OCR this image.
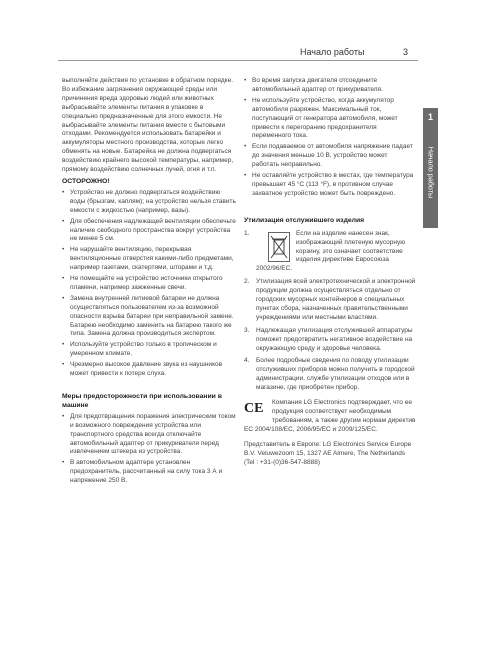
Начало работы	3
1
Начало работы

выполняйте действия по установке в обратном порядке. Во избежание загрязнения окружающей среды или причинения вреда здоровью людей или животных выбрасывайте элементы питания в упаковке в специально предназначенные для этого емкости. Не выбрасывайте элементы питания вместе с бытовыми отходами. Рекомендуется использовать батарейки и аккумуляторы местного производства, которые легко обменять на новые. Батарейка не должна подвергаться воздействию крайнего высокой температуры, например, прямому воздействию солнечных лучей, огня и т.п.

ОСТОРОЖНО!

• Устройство не должно подвергаться воздействию воды (брызгам, каплям); на устройство нельзя ставить емкости с жидкостью (например, вазы).
• Для обеспечения надлежащей вентиляции обеспечьте наличие свободного пространства вокруг устройства не менее 5 см.
• Не нарушайте вентиляцию, перекрывая вентиляционные отверстия какими-либо предметами, например газетами, скатертями, шторами и т.д.
• Не помещайте на устройство источники открытого пламени, например зажженные свечи.
• Замена внутренней литиевой батареи не должна осуществляться пользователем из-за возможной опасности взрыва батареи при неправильной замене. Батарею необходимо заменить на батарею такого же типа. Замена должна производиться экспертом.
• Используйте устройство только в тропическом и умеренном климате.
• Чрезмерно высокое давление звука из наушников может привести к потере слуха.

Меры предосторожности при использовании в машине

• Для предотвращения поражения электрическим током и возможного повреждения устройства или транспортного средства всегда отключайте автомобильный адаптер от прикуривателя перед извлечением штекера из устройства.
• В автомобильном адаптере установлен предохранитель, рассчитанный на силу тока 3 А и напряжение 250 В.
• Во время запуска двигателя отсоедините автомобильный адаптер от прикуривателя.
• Не используйте устройство, когда аккумулятор автомобиля разряжен. Максимальный ток, поступающий от генератора автомобиля, может привести к перегоранию предохранителя переменного тока.
• Если подаваемое от автомобиля напряжение падает до значения меньше 10 В, устройство может работать неправильно.
• Не оставляйте устройство в местах, где температура превышает 45 °C (113 °F), в противном случае захватное устройство может быть повреждено.

Утилизация отслужившего изделия

1.	Если на изделие нанесен знак, изображающий плетеную мусорную корзину, это означает соответствие изделия директиве Евросоюза 2002/96/EC.
2. Утилизация всей электротехнической и электронной продукции должна осуществляться отдельно от городских мусорных контейнеров в специальных пунктах сбора, назначенных правительственными учреждениями или местными властями.
3. Надлежащая утилизация отслужившей аппаратуры поможет предотвратить негативное воздействие на окружающую среду и здоровье человека.
4. Более подробные сведения по поводу утилизации отслуживших приборов можно получить в городской администрации, службе утилизации отходов или в магазине, где приобретен прибор.
CE	Компания LG Electronics подтверждает, что ее продукция соответствует необходимым требованиям, а также другим нормам директив EC 2004/108/EC, 2006/95/EC и 2009/125/EC.

Представитель в Европе: LG Electronics Service Europe B.V. Veluwezoom 15, 1327 AE Almere, The Netherlands (Tel : +31-(0)36-547-8888)
